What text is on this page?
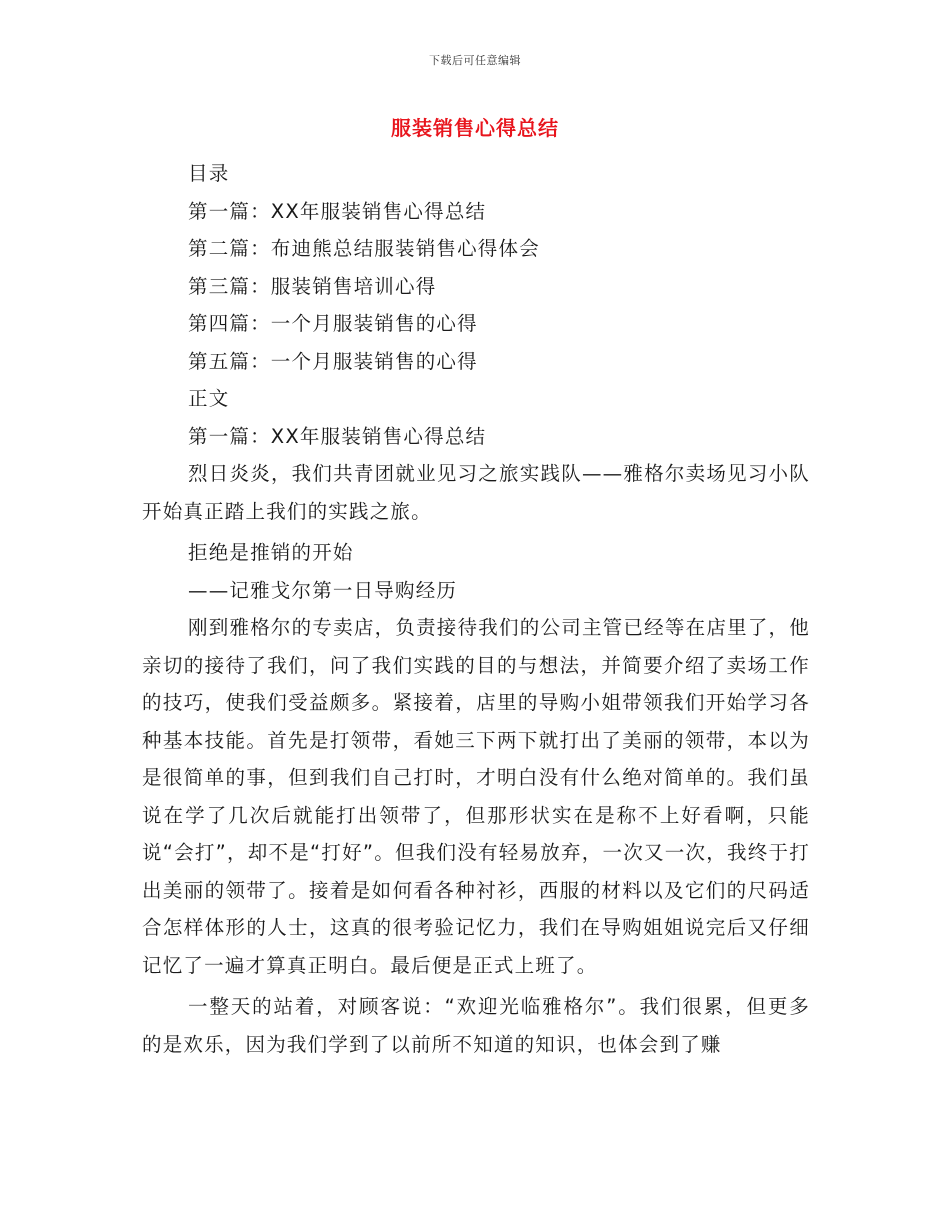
下载后可任意编辑
服装销售心得总结

目录

第一篇：XX年服装销售心得总结

第二篇：布迪熊总结服装销售心得体会

第三篇：服装销售培训心得

第四篇：一个月服装销售的心得

第五篇：一个月服装销售的心得

正文

第一篇：XX年服装销售心得总结

烈日炎炎，我们共青团就业见习之旅实践队——雅格尔卖场见习小队开始真正踏上我们的实践之旅。

拒绝是推销的开始

——记雅戈尔第一日导购经历

刚到雅格尔的专卖店，负责接待我们的公司主管已经等在店里了，他亲切的接待了我们，问了我们实践的目的与想法，并简要介绍了卖场工作的技巧，使我们受益颇多。紧接着，店里的导购小姐带领我们开始学习各种基本技能。首先是打领带，看她三下两下就打出了美丽的领带，本以为是很简单的事，但到我们自己打时，才明白没有什么绝对简单的。我们虽说在学了几次后就能打出领带了，但那形状实在是称不上好看啊，只能说“会打”，却不是“打好”。但我们没有轻易放弃，一次又一次，我终于打出美丽的领带了。接着是如何看各种衬衫，西服的材料以及它们的尺码适合怎样体形的人士，这真的很考验记忆力，我们在导购姐姐说完后又仔细记忆了一遍才算真正明白。最后便是正式上班了。

一整天的站着，对顾客说：“欢迎光临雅格尔”。我们很累，但更多的是欢乐，因为我们学到了以前所不知道的知识，也体会到了赚
